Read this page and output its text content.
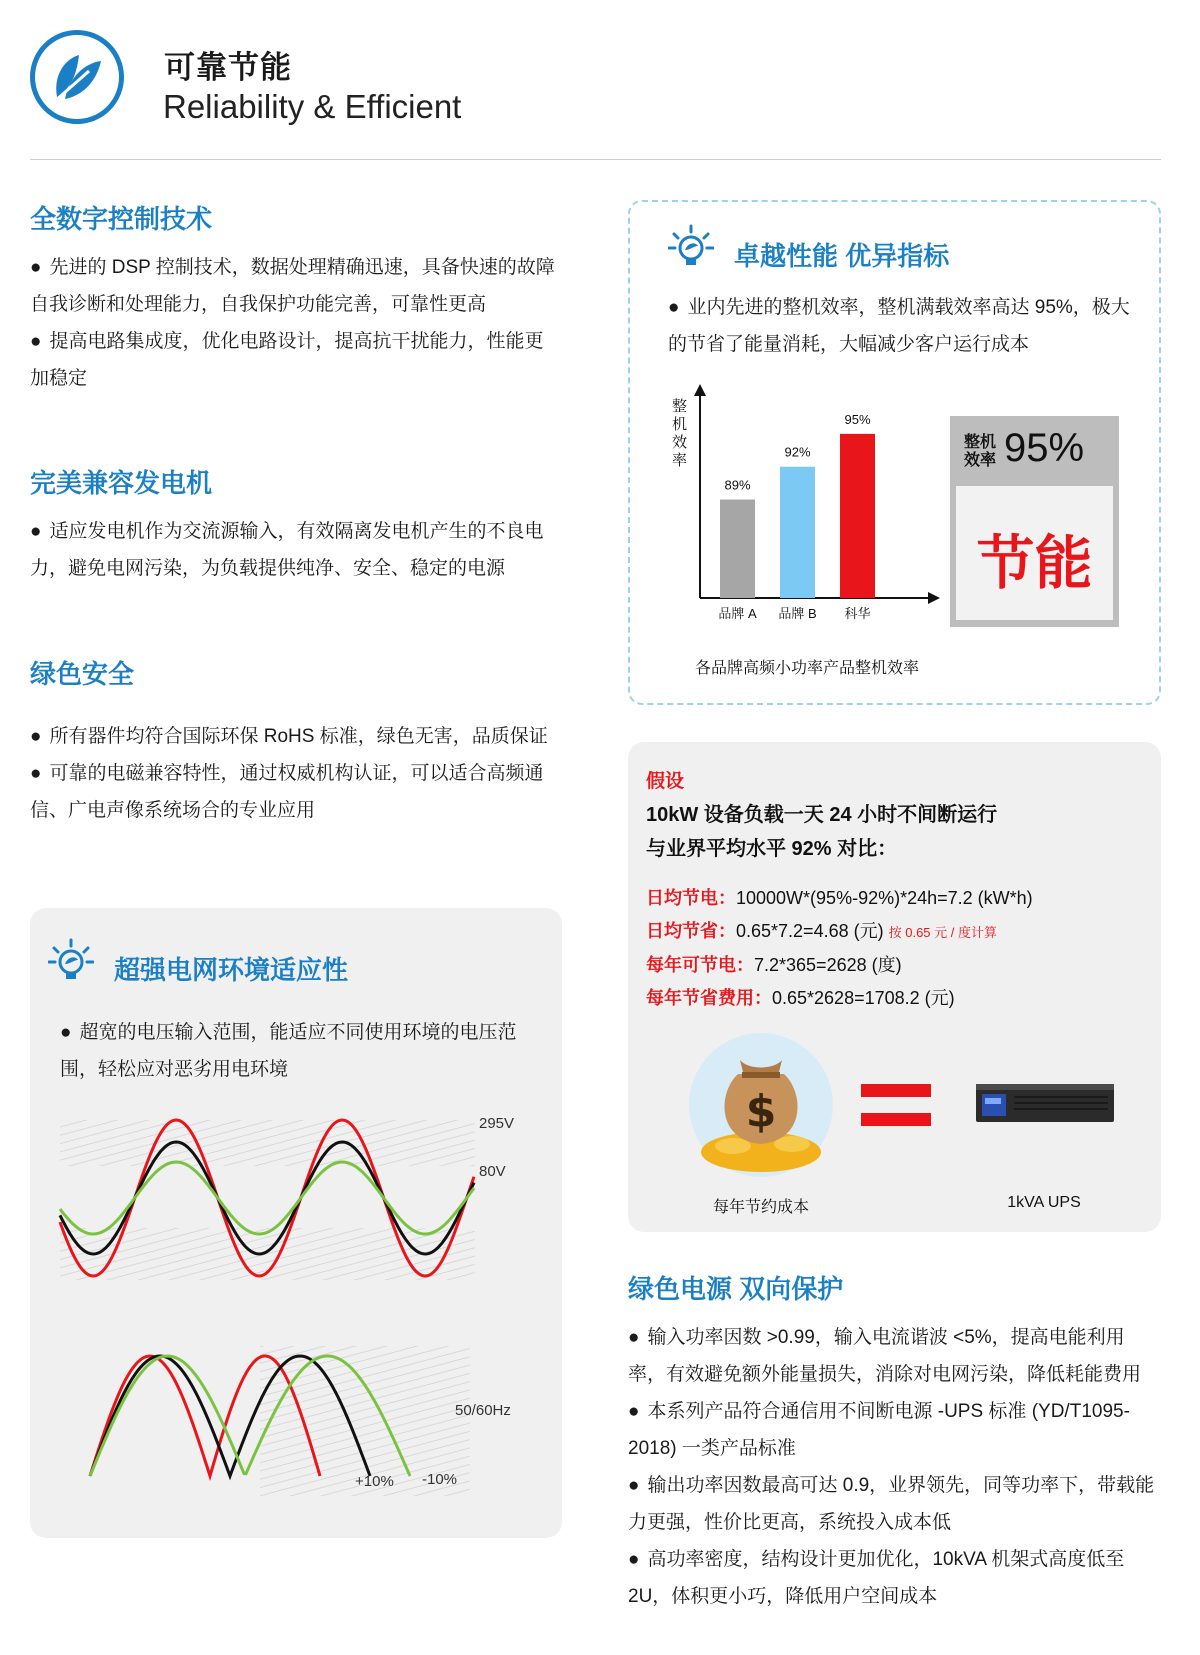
可靠节能
Reliability & Efficient
全数字控制技术

● 先进的 DSP 控制技术，数据处理精确迅速，具备快速的故障自我诊断和处理能力，自我保护功能完善，可靠性更高

● 提高电路集成度，优化电路设计，提高抗干扰能力，性能更加稳定

完美兼容发电机

● 适应发电机作为交流源输入，有效隔离发电机产生的不良电力，避免电网污染，为负载提供纯净、安全、稳定的电源

绿色安全

● 所有器件均符合国际环保 RoHS 标准，绿色无害，品质保证

● 可靠的电磁兼容特性，通过权威机构认证，可以适合高频通信、广电声像系统场合的专业应用

超强电网环境适应性

● 超宽的电压输入范围，能适应不同使用环境的电压范围，轻松应对恶劣用电环境

295V
80V
50/60Hz
+10% -10%
卓越性能 优异指标

● 业内先进的整机效率，整机满载效率高达 95%，极大的节省了能量消耗，大幅减少客户运行成本

89%
品牌 A
92%
品牌 B
95%
科华
整机效率
各品牌高频小功率产品整机效率
整机
效率 95%
节能
假设
10kW 设备负载一天 24 小时不间断运行
与业界平均水平 92% 对比：
日均节电：10000W*(95%-92%)*24h=7.2 (kW*h)
日均节省：0.65*7.2=4.68 (元) 按 0.65 元 / 度计算
每年可节电：7.2*365=2628 (度)
每年节省费用：0.65*2628=1708.2 (元)
$
每年节约成本	1kVA UPS
绿色电源 双向保护

● 输入功率因数 >0.99，输入电流谐波 <5%，提高电能利用率，有效避免额外能量损失，消除对电网污染，降低耗能费用

● 本系列产品符合通信用不间断电源 -UPS 标准 (YD/T1095-2018) 一类产品标准

● 输出功率因数最高可达 0.9，业界领先，同等功率下，带载能力更强，性价比更高，系统投入成本低

● 高功率密度，结构设计更加优化，10kVA 机架式高度低至 2U，体积更小巧，降低用户空间成本
